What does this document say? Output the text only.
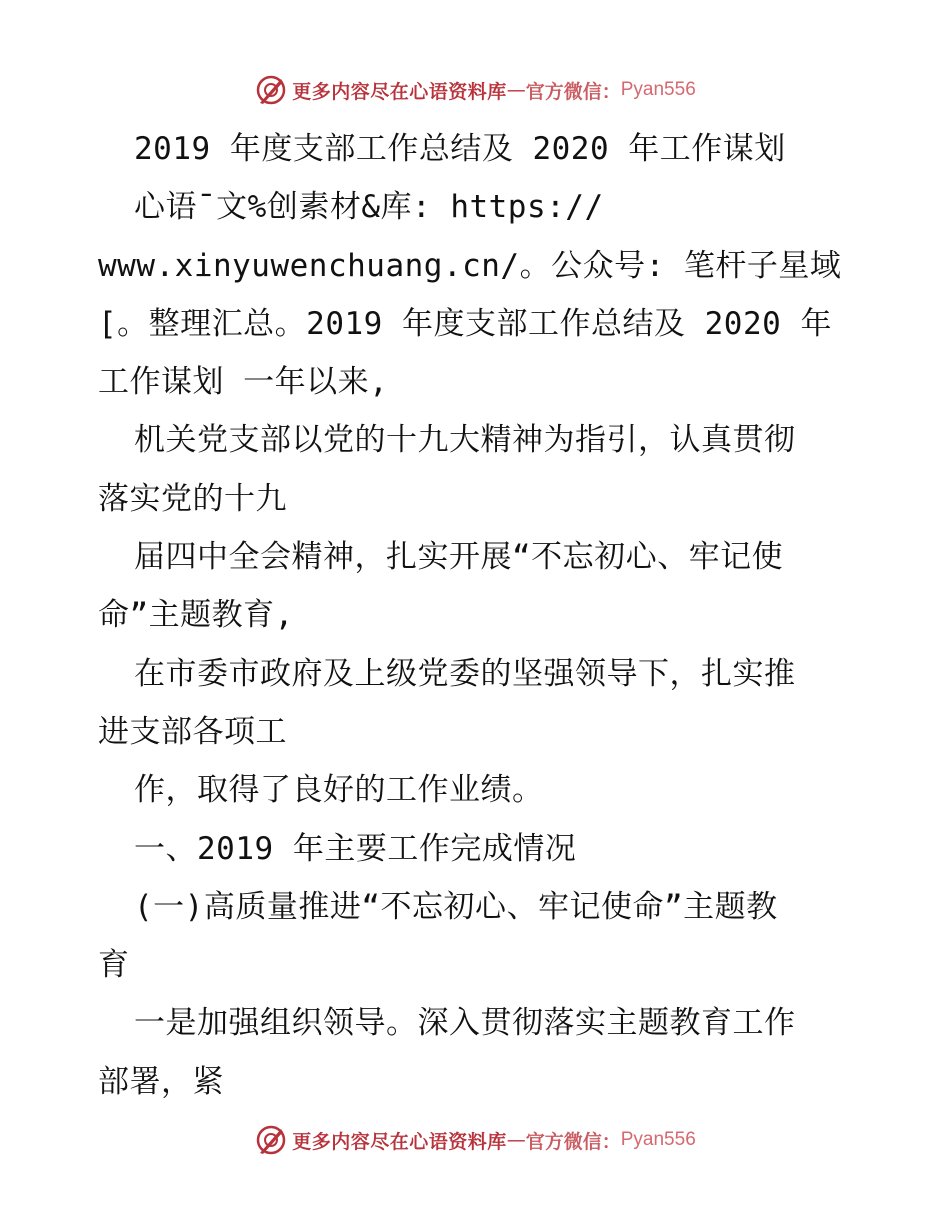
更多内容尽在心语资料库 — 官方微信： Pyan556
2019 年度支部工作总结及 2020 年工作谋划
心语¯文%创素材&库: https://
www.xinyuwenchuang.cn/。公众号: 笔杆子星域
[。整理汇总。2019 年度支部工作总结及 2020 年
工作谋划 一年以来,
机关党支部以党的十九大精神为指引，认真贯彻
落实党的十九
届四中全会精神，扎实开展“不忘初心、牢记使
命”主题教育,
在市委市政府及上级党委的坚强领导下，扎实推
进支部各项工
作，取得了良好的工作业绩。
一、2019 年主要工作完成情况
(一)高质量推进“不忘初心、牢记使命”主题教
育
一是加强组织领导。深入贯彻落实主题教育工作
部署，紧
更多内容尽在心语资料库 — 官方微信： Pyan556
